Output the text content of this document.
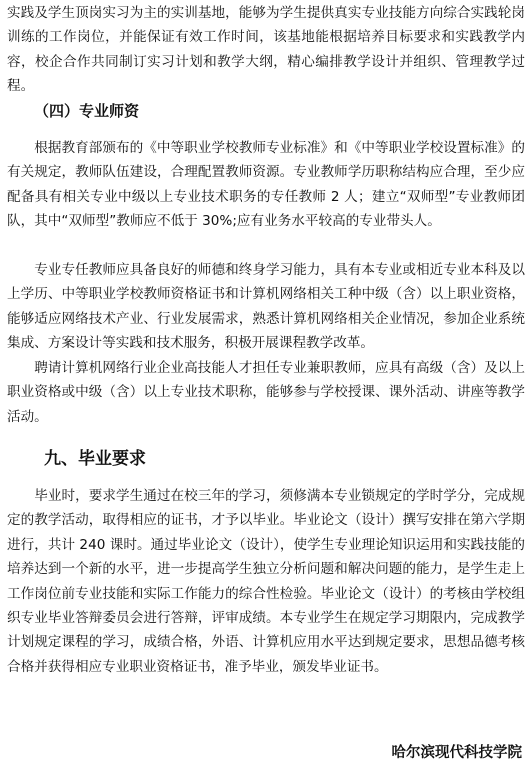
实践及学生顶岗实习为主的实训基地，能够为学生提供真实专业技能方向综合实践轮岗训练的工作岗位，并能保证有效工作时间，该基地能根据培养目标要求和实践教学内容，校企合作共同制订实习计划和教学大纲，精心编排教学设计并组织、管理教学过程。

（四）专业师资

根据教育部颁布的《中等职业学校教师专业标准》和《中等职业学校设置标准》的有关规定，教师队伍建设，合理配置教师资源。专业教师学历职称结构应合理，至少应配备具有相关专业中级以上专业技术职务的专任教师 2 人；建立“双师型”专业教师团队，其中“双师型”教师应不低于 30%;应有业务水平较高的专业带头人。

专业专任教师应具备良好的师德和终身学习能力，具有本专业或相近专业本科及以上学历、中等职业学校教师资格证书和计算机网络相关工种中级（含）以上职业资格，能够适应网络技术产业、行业发展需求，熟悉计算机网络相关企业情况，参加企业系统集成、方案设计等实践和技术服务，积极开展课程教学改革。

聘请计算机网络行业企业高技能人才担任专业兼职教师，应具有高级（含）及以上职业资格或中级（含）以上专业技术职称，能够参与学校授课、课外活动、讲座等教学活动。

九、毕业要求

毕业时，要求学生通过在校三年的学习，须修满本专业锁规定的学时学分，完成规定的教学活动，取得相应的证书，才予以毕业。毕业论文（设计）撰写安排在第六学期进行，共计 240 课时。通过毕业论文（设计），使学生专业理论知识运用和实践技能的培养达到一个新的水平，进一步提高学生独立分析问题和解决问题的能力，是学生走上工作岗位前专业技能和实际工作能力的综合性检验。毕业论文（设计）的考核由学校组织专业毕业答辩委员会进行答辩，评审成绩。本专业学生在规定学习期限内，完成教学计划规定课程的学习，成绩合格，外语、计算机应用水平达到规定要求，思想品德考核合格并获得相应专业职业资格证书，准予毕业，颁发毕业证书。

哈尔滨现代科技学院
